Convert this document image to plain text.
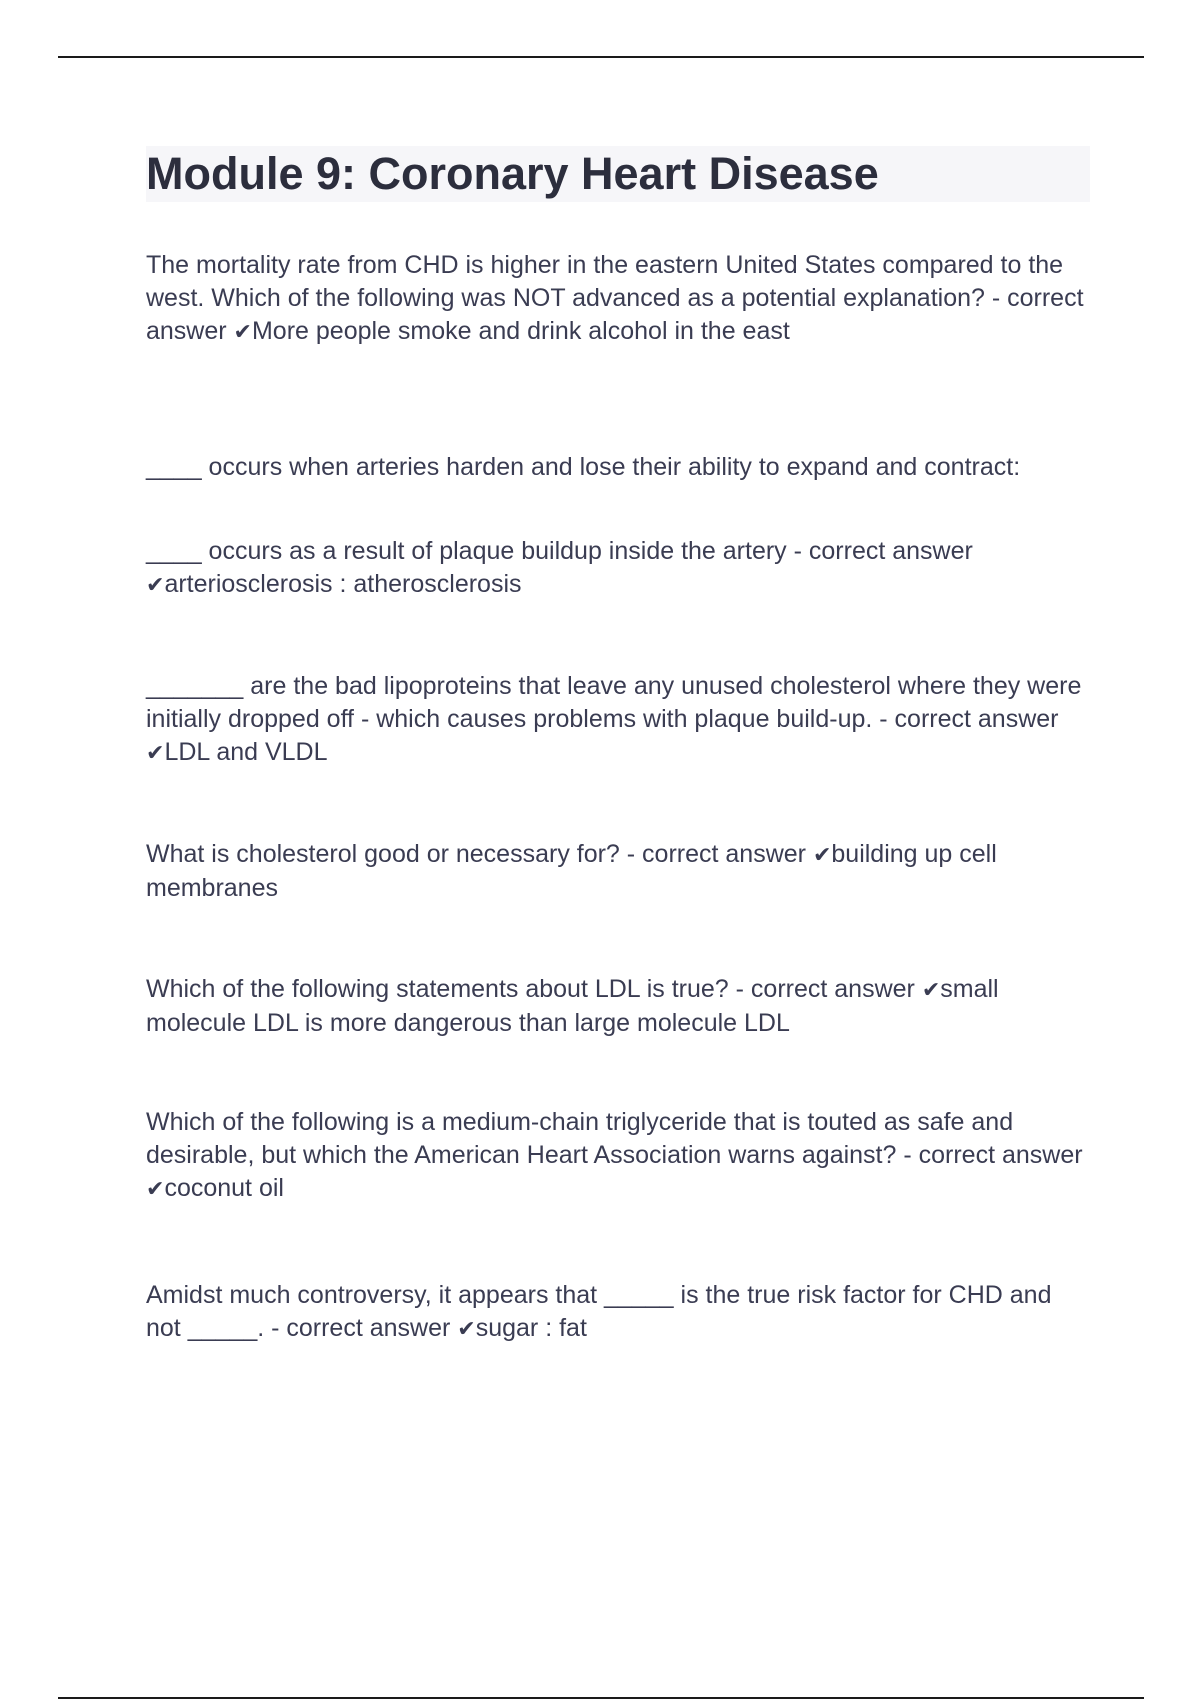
Module 9: Coronary Heart Disease

The mortality rate from CHD is higher in the eastern United States compared to the west. Which of the following was NOT advanced as a potential explanation? - correct answer ✔More people smoke and drink alcohol in the east

____ occurs when arteries harden and lose their ability to expand and contract:

____ occurs as a result of plaque buildup inside the artery - correct answer ✔arteriosclerosis : atherosclerosis

_______ are the bad lipoproteins that leave any unused cholesterol where they were initially dropped off - which causes problems with plaque build-up. - correct answer ✔LDL and VLDL

What is cholesterol good or necessary for? - correct answer ✔building up cell membranes

Which of the following statements about LDL is true? - correct answer ✔small molecule LDL is more dangerous than large molecule LDL

Which of the following is a medium-chain triglyceride that is touted as safe and desirable, but which the American Heart Association warns against? - correct answer ✔coconut oil

Amidst much controversy, it appears that _____ is the true risk factor for CHD and not _____. - correct answer ✔sugar : fat
